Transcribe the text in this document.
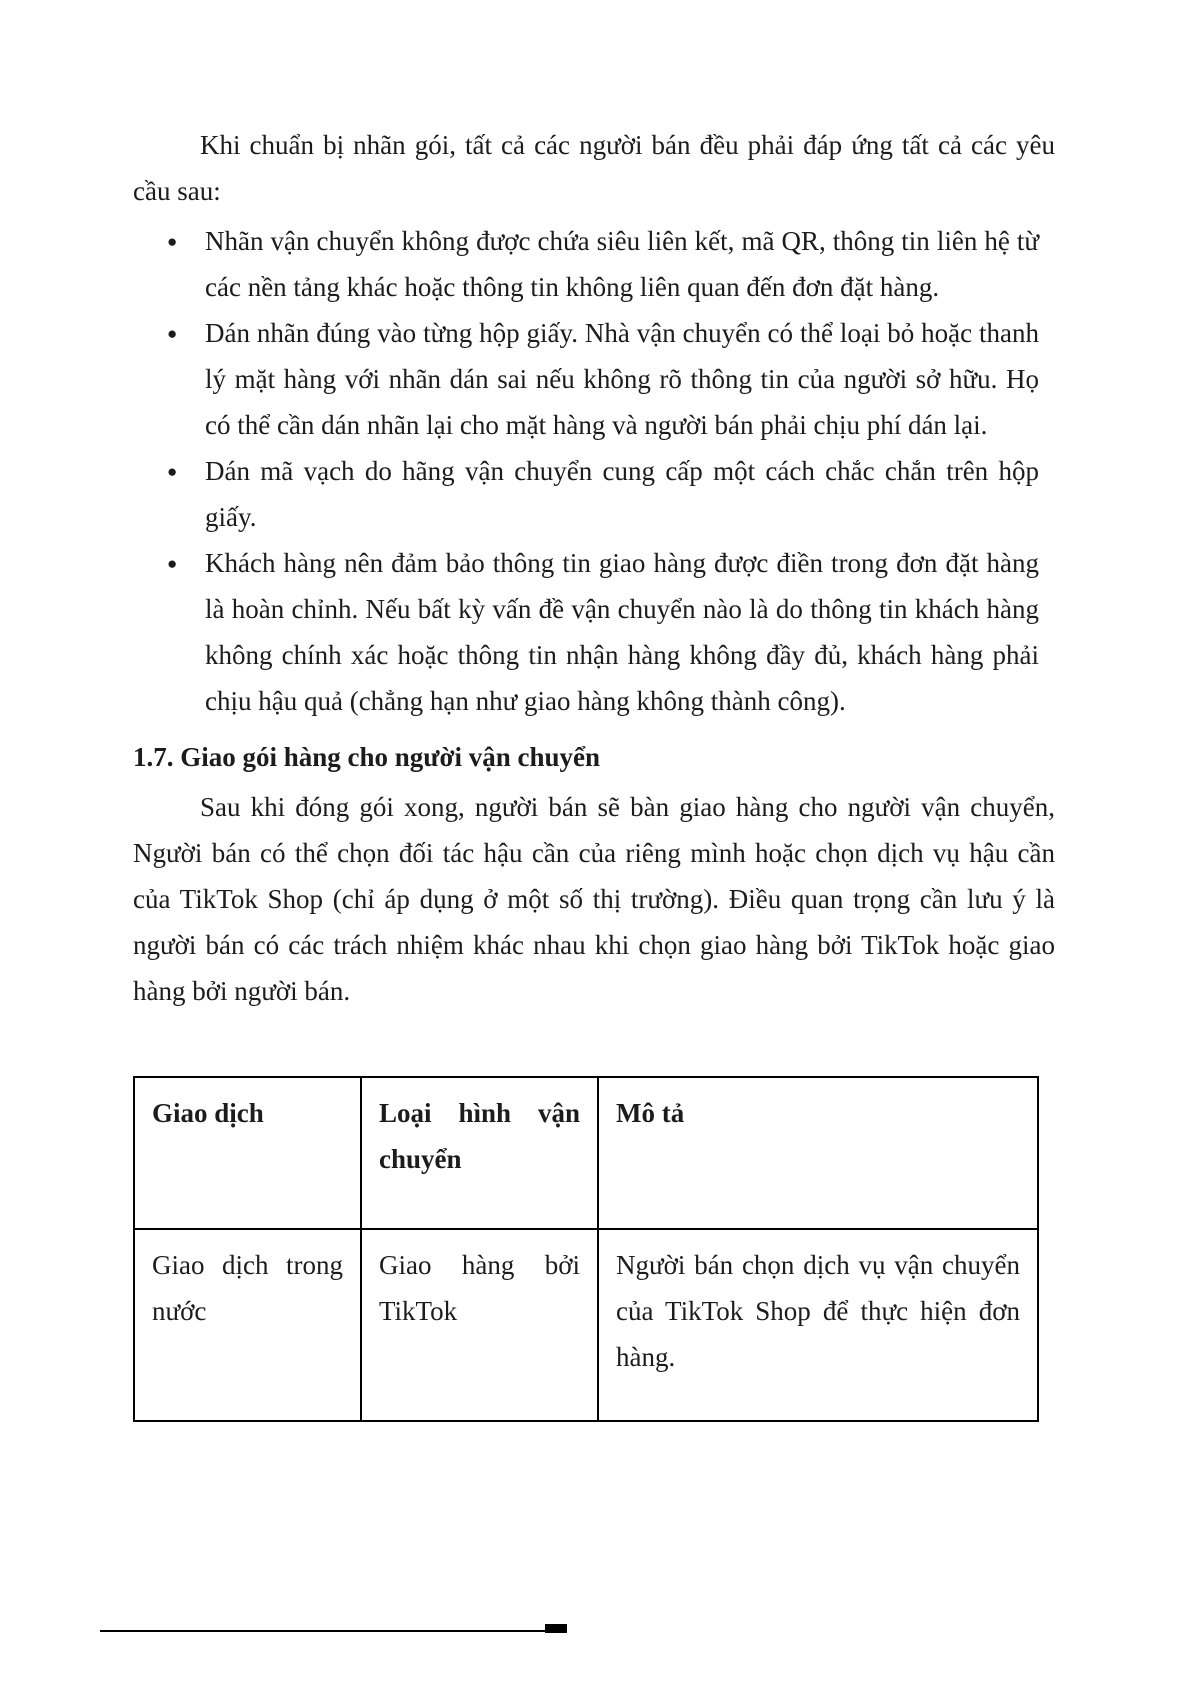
Khi chuẩn bị nhãn gói, tất cả các người bán đều phải đáp ứng tất cả các yêu cầu sau:

● Nhãn vận chuyển không được chứa siêu liên kết, mã QR, thông tin liên hệ từ các nền tảng khác hoặc thông tin không liên quan đến đơn đặt hàng.
● Dán nhãn đúng vào từng hộp giấy. Nhà vận chuyển có thể loại bỏ hoặc thanh lý mặt hàng với nhãn dán sai nếu không rõ thông tin của người sở hữu. Họ có thể cần dán nhãn lại cho mặt hàng và người bán phải chịu phí dán lại.
● Dán mã vạch do hãng vận chuyển cung cấp một cách chắc chắn trên hộp giấy.
● Khách hàng nên đảm bảo thông tin giao hàng được điền trong đơn đặt hàng là hoàn chỉnh. Nếu bất kỳ vấn đề vận chuyển nào là do thông tin khách hàng không chính xác hoặc thông tin nhận hàng không đầy đủ, khách hàng phải chịu hậu quả (chẳng hạn như giao hàng không thành công).
1.7. Giao gói hàng cho người vận chuyển

Sau khi đóng gói xong, người bán sẽ bàn giao hàng cho người vận chuyển, Người bán có thể chọn đối tác hậu cần của riêng mình hoặc chọn dịch vụ hậu cần của TikTok Shop (chỉ áp dụng ở một số thị trường). Điều quan trọng cần lưu ý là người bán có các trách nhiệm khác nhau khi chọn giao hàng bởi TikTok hoặc giao hàng bởi người bán.

Giao dịch	Loại hình vận chuyển	Mô tả
Giao dịch trong nước	Giao hàng bởi TikTok	Người bán chọn dịch vụ vận chuyển của TikTok Shop để thực hiện đơn hàng.
